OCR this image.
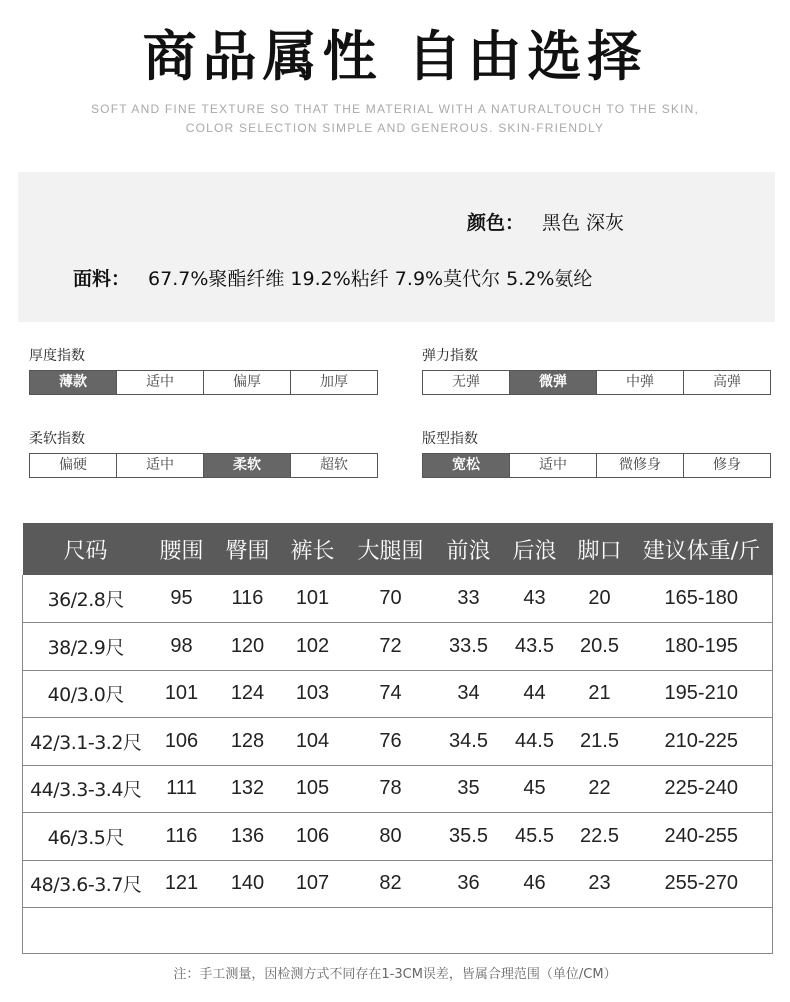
商品属性 自由选择
SOFT AND FINE TEXTURE SO THAT THE MATERIAL WITH A NATURALTOUCH TO THE SKIN,
COLOR SELECTION SIMPLE AND GENEROUS. SKIN-FRIENDLY
颜色： 黑色 深灰
面料： 67.7%聚酯纤维 19.2%粘纤 7.9%莫代尔 5.2%氨纶
厚度指数
薄款	适中	偏厚	加厚
弹力指数
无弹	微弹	中弹	高弹
柔软指数
偏硬	适中	柔软	超软
版型指数
宽松	适中	微修身	修身
尺码	腰围	臀围	裤长	大腿围	前浪	后浪	脚口	建议体重/斤
36/2.8尺	95	116	101	70	33	43	20	165-180
38/2.9尺	98	120	102	72	33.5	43.5	20.5	180-195
40/3.0尺	101	124	103	74	34	44	21	195-210
42/3.1-3.2尺	106	128	104	76	34.5	44.5	21.5	210-225
44/3.3-3.4尺	111	132	105	78	35	45	22	225-240
46/3.5尺	116	136	106	80	35.5	45.5	22.5	240-255
48/3.6-3.7尺	121	140	107	82	36	46	23	255-270

注：手工测量，因检测方式不同存在1-3CM误差，皆属合理范围（单位/CM）
